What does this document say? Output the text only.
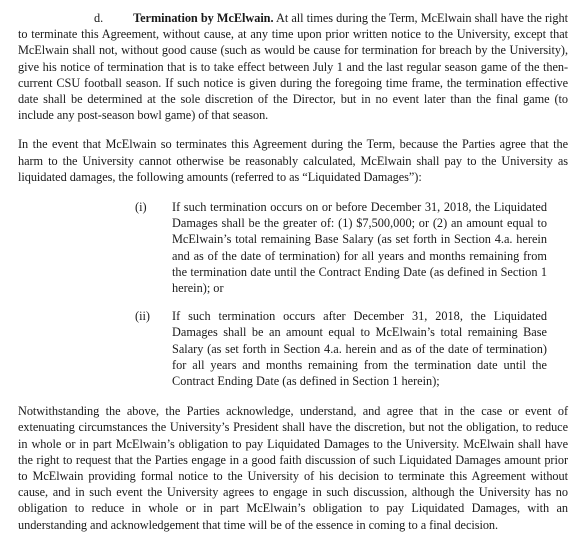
d. Termination by McElwain. At all times during the Term, McElwain shall have the right to terminate this Agreement, without cause, at any time upon prior written notice to the University, except that McElwain shall not, without good cause (such as would be cause for termination for breach by the University), give his notice of termination that is to take effect between July 1 and the last regular season game of the then-current CSU football season. If such notice is given during the foregoing time frame, the termination effective date shall be determined at the sole discretion of the Director, but in no event later than the final game (to include any post-season bowl game) of that season.

In the event that McElwain so terminates this Agreement during the Term, because the Parties agree that the harm to the University cannot otherwise be reasonably calculated, McElwain shall pay to the University as liquidated damages, the following amounts (referred to as “Liquidated Damages”):

(i)	If such termination occurs on or before December 31, 2018, the Liquidated Damages shall be the greater of: (1) $7,500,000; or (2) an amount equal to McElwain’s total remaining Base Salary (as set forth in Section 4.a. herein and as of the date of termination) for all years and months remaining from the termination date until the Contract Ending Date (as defined in Section 1 herein); or
(ii)	If such termination occurs after December 31, 2018, the Liquidated Damages shall be an amount equal to McElwain’s total remaining Base Salary (as set forth in Section 4.a. herein and as of the date of termination) for all years and months remaining from the termination date until the Contract Ending Date (as defined in Section 1 herein);

Notwithstanding the above, the Parties acknowledge, understand, and agree that in the case or event of extenuating circumstances the University’s President shall have the discretion, but not the obligation, to reduce in whole or in part McElwain’s obligation to pay Liquidated Damages to the University. McElwain shall have the right to request that the Parties engage in a good faith discussion of such Liquidated Damages amount prior to McElwain providing formal notice to the University of his decision to terminate this Agreement without cause, and in such event the University agrees to engage in such discussion, although the University has no obligation to reduce in whole or in part McElwain’s obligation to pay Liquidated Damages, with an understanding and acknowledgement that time will be of the essence in coming to a final decision.
